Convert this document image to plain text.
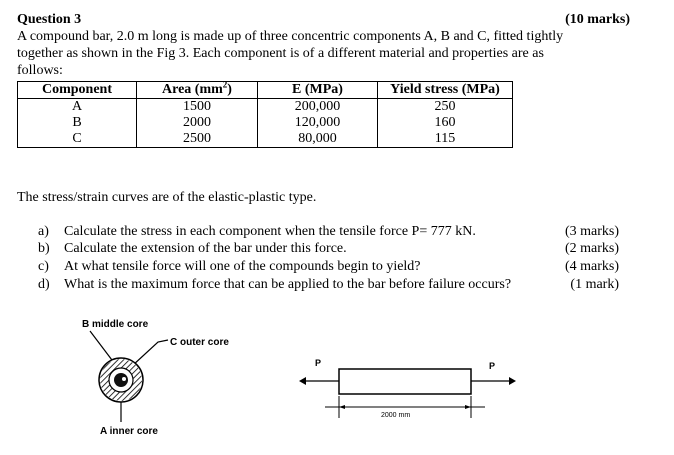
Question 3	(10 marks)
A compound bar, 2.0 m long is made up of three concentric components A, B and C, fitted tightly
together as shown in the Fig 3. Each component is of a different material and properties are as
follows:
Component	Area $(mm^2)$	E (MPa)	Yield stress (MPa)
A	1500	200,000	250
B	2000	120,000	160
C	2500	80,000	115
The stress/strain curves are of the elastic-plastic type.
a) Calculate the stress in each component when the tensile force P= 777 kN.	(3 marks)
b) Calculate the extension of the bar under this force.	(2 marks)
c) At what tensile force will one of the compounds begin to yield?	(4 marks)
d) What is the maximum force that can be applied to the bar before failure occurs?	(1 mark)
B middle core
C outer core
A inner core
P	P
2000 mm
